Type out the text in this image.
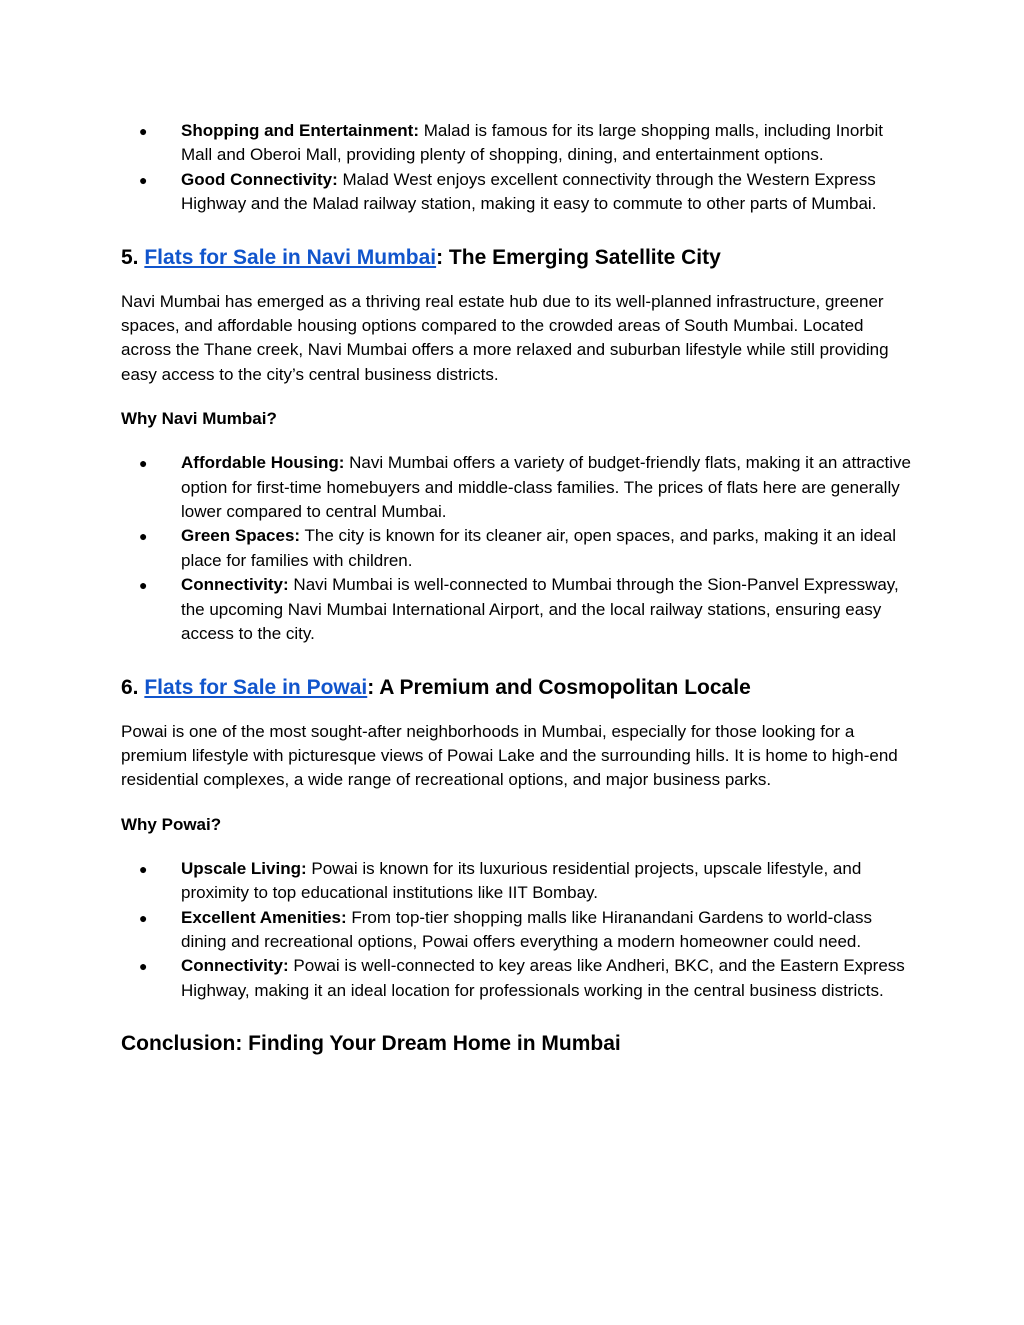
● Shopping and Entertainment: Malad is famous for its large shopping malls, including Inorbit Mall and Oberoi Mall, providing plenty of shopping, dining, and entertainment options.
● Good Connectivity: Malad West enjoys excellent connectivity through the Western Express Highway and the Malad railway station, making it easy to commute to other parts of Mumbai.
5. Flats for Sale in Navi Mumbai: The Emerging Satellite City

Navi Mumbai has emerged as a thriving real estate hub due to its well-planned infrastructure, greener spaces, and affordable housing options compared to the crowded areas of South Mumbai. Located across the Thane creek, Navi Mumbai offers a more relaxed and suburban lifestyle while still providing easy access to the city’s central business districts.

Why Navi Mumbai?
● Affordable Housing: Navi Mumbai offers a variety of budget-friendly flats, making it an attractive option for first-time homebuyers and middle-class families. The prices of flats here are generally lower compared to central Mumbai.
● Green Spaces: The city is known for its cleaner air, open spaces, and parks, making it an ideal place for families with children.
● Connectivity: Navi Mumbai is well-connected to Mumbai through the Sion-Panvel Expressway, the upcoming Navi Mumbai International Airport, and the local railway stations, ensuring easy access to the city.
6. Flats for Sale in Powai: A Premium and Cosmopolitan Locale

Powai is one of the most sought-after neighborhoods in Mumbai, especially for those looking for a premium lifestyle with picturesque views of Powai Lake and the surrounding hills. It is home to high-end residential complexes, a wide range of recreational options, and major business parks.

Why Powai?
● Upscale Living: Powai is known for its luxurious residential projects, upscale lifestyle, and proximity to top educational institutions like IIT Bombay.
● Excellent Amenities: From top-tier shopping malls like Hiranandani Gardens to world-class dining and recreational options, Powai offers everything a modern homeowner could need.
● Connectivity: Powai is well-connected to key areas like Andheri, BKC, and the Eastern Express Highway, making it an ideal location for professionals working in the central business districts.
Conclusion: Finding Your Dream Home in Mumbai
